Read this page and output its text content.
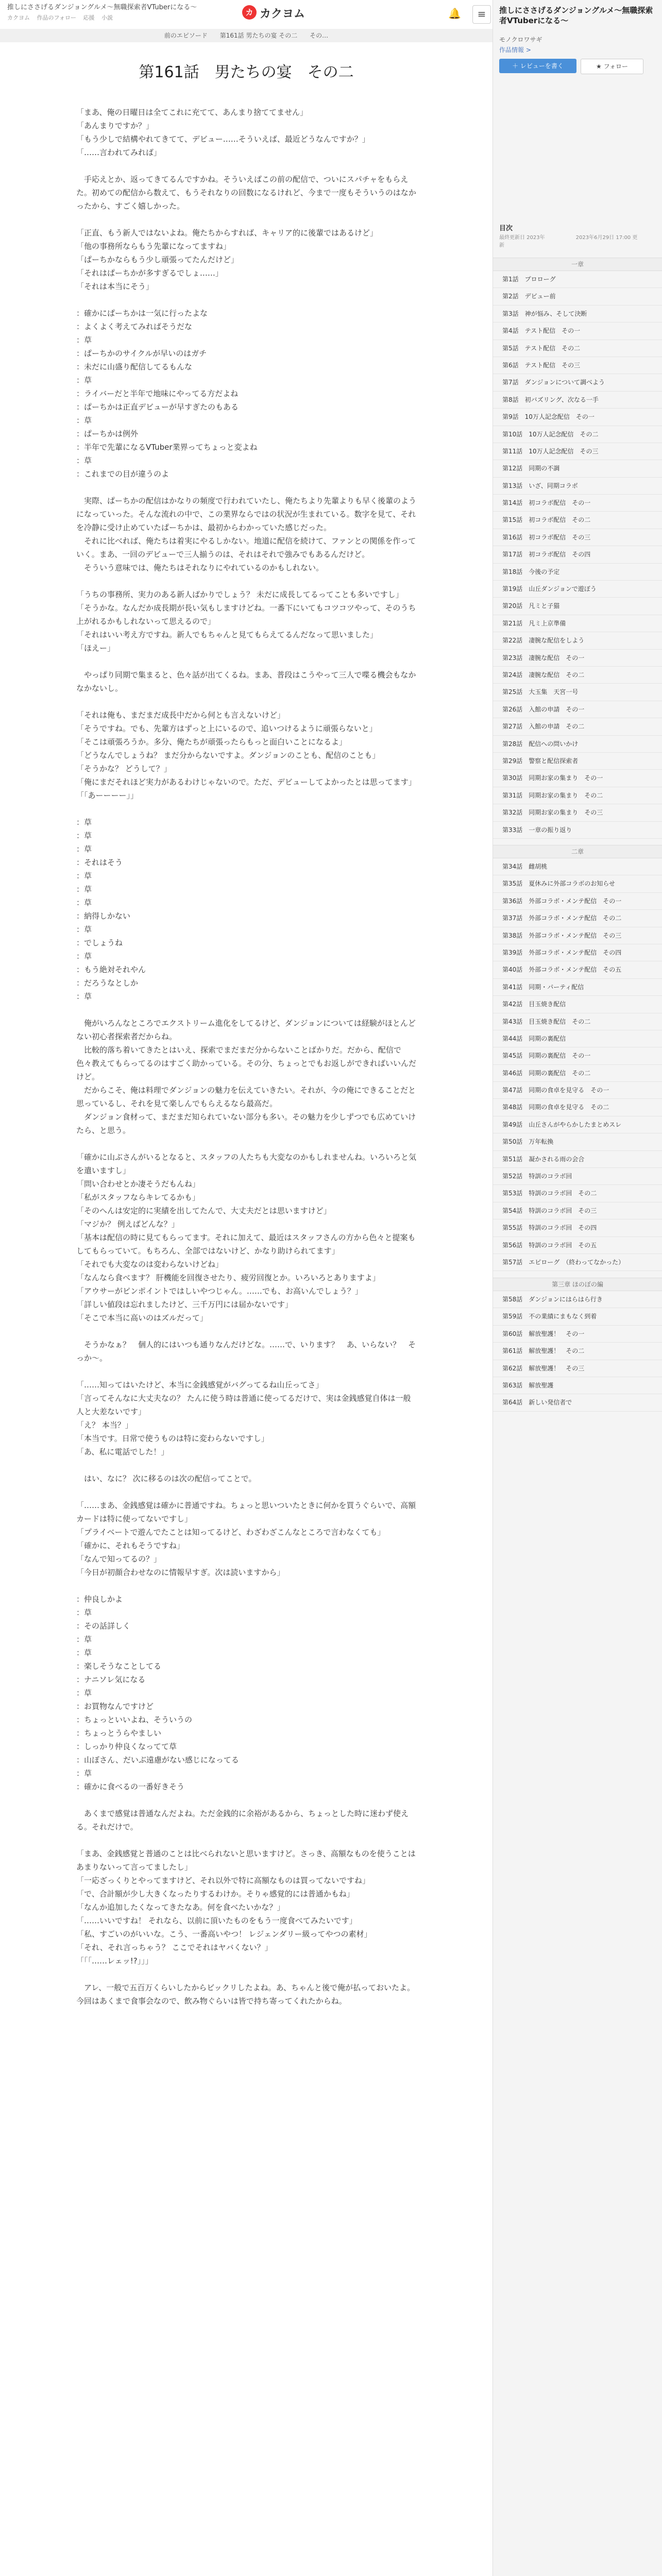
推しにささげるダンジョングルメ～無職探索者VTuberになる～
カクヨム 作品のフォロー 応援 小説
カ カクヨム	🔔	≡
前のエピソード 第161話 男たちの宴 その二 その…
第161話　男たちの宴　その二
「まあ、俺の日曜日は全てこれに充てて、あんまり捨ててません」
「あんまりですか？」
「もう少しで結構やれてきてて、デビュー……そういえば、最近どうなんですか？」
「……言われてみれば」

　手応えとか、返ってきてるんですかね。そういえばこの前の配信で、ついにスパチャをもらえた。初めての配信から数えて、もうそれなりの回数になるけれど、今まで一度もそういうのはなかったから、すごく嬉しかった。

「正直、もう新人ではないよね。俺たちからすれば、キャリア的に後輩ではあるけど」
「他の事務所ならもう先輩になってますね」
「ぱーちかならもう少し頑張ってたんだけど」
「それはぱーちかが多すぎるでしょ……」
「それは本当にそう」

：確かにぱーちかは一気に行ったよな
：よくよく考えてみればそうだな
：草
：ぱーちかのサイクルが早いのはガチ
：未だに山盛り配信してるもんな
：草
：ライバーだと半年で地味にやってる方だよね
：ぱーちかは正直デビューが早すぎたのもある
：草
：ぱーちかは例外
：半年で先輩になるVTuber業界ってちょっと変よね
：草
：これまでの目が違うのよ

　実際、ぱーちかの配信はかなりの頻度で行われていたし、俺たちより先輩よりも早く後輩のようになっていった。そんな流れの中で、この業界ならではの状況が生まれている。数字を見て、それを冷静に受け止めていたぱーちかは、最初からわかっていた感じだった。
　それに比べれば、俺たちは着実にやるしかない。地道に配信を続けて、ファンとの関係を作っていく。まあ、一回のデビューで三人揃うのは、それはそれで強みでもあるんだけど。
　そういう意味では、俺たちはそれなりにやれているのかもしれない。

「うちの事務所、実力のある新人ばかりでしょう？ 未だに成長してるってことも多いですし」
「そうかな。なんだか成長期が長い気もしますけどね。一番下にいてもコツコツやって、そのうち上がれるかもしれないって思えるので」
「それはいい考え方ですね。新人でもちゃんと見てもらえてるんだなって思いました」
「ほえー」

　やっぱり同期で集まると、色々話が出てくるね。まあ、普段はこうやって三人で喋る機会もなかなかないし。

「それは俺も、まだまだ成長中だから何とも言えないけど」
「そうですね。でも、先輩方はずっと上にいるので、追いつけるように頑張らないと」
「そこは頑張ろうか。多分、俺たちが頑張ったらもっと面白いことになるよ」
「どうなんでしょうね？ まだ分からないですよ。ダンジョンのことも、配信のことも」
「そうかな？ どうして？」
「俺にまだそれほど実力があるわけじゃないので。ただ、デビューしてよかったとは思ってます」
「「あーーーー」」

：草
：草
：草
：それはそう
：草
：草
：草
：納得しかない
：草
：でしょうね
：草
：もう絶対それやん
：だろうなとしか
：草

　俺がいろんなところでエクストリーム進化をしてるけど、ダンジョンについては経験がほとんどない初心者探索者だからね。
　比較的落ち着いてきたとはいえ、探索でまだまだ分からないことばかりだ。だから、配信で色々教えてもらってるのはすごく助かっている。その分、ちょっとでもお返しができればいいんだけど。
　だからこそ、俺は料理でダンジョンの魅力を伝えていきたい。それが、今の俺にできることだと思っているし、それを見て楽しんでもらえるなら最高だ。
　ダンジョン食材って、まだまだ知られていない部分も多い。その魅力を少しずつでも広めていけたら、と思う。

「確かに山ぶさんがいるとなると、スタッフの人たちも大変なのかもしれませんね。いろいろと気を遣いますし」
「問い合わせとか凄そうだもんね」
「私がスタッフならキレてるかも」
「そのへんは安定的に実績を出してたんで、大丈夫だとは思いますけど」
「マジか？ 例えばどんな？」
「基本は配信の時に見てもらってます。それに加えて、最近はスタッフさんの方から色々と提案もしてもらっていて。もちろん、全部ではないけど、かなり助けられてます」
「それでも大変なのは変わらないけどね」
「なんなら食べます？ 肝機能を回復させたり、疲労回復とか。いろいろとありますよ」
「アウサーがピンポイントではしいやつじゃん。……でも、お高いんでしょう？」
「詳しい値段は忘れましたけど、三千万円には届かないです」
「そこで本当に高いのはズルだって」

　そうかなぁ？　個人的にはいつも通りなんだけどな。……で、いります？　あ、いらない？　そっか～。

「……知ってはいたけど、本当に金銭感覚がバグってるね山丘ってさ」
「言ってそんなに大丈夫なの？ たんに使う時は普通に使ってるだけで、実は金銭感覚自体は一般人と大差ないです」
「え？ 本当？」
「本当です。日常で使うものは特に変わらないですし」
「あ、私に電話でした！」

　はい、なに？ 次に移るのは次の配信ってことで。

「……まあ、金銭感覚は確かに普通ですね。ちょっと思いついたときに何かを買うぐらいで、高額カードは特に使ってないですし」
「プライベートで遊んでたことは知ってるけど、わざわざこんなところで言わなくても」
「確かに、それもそうですね」
「なんで知ってるの？」
「今日が初顔合わせなのに情報早すぎ。次は読いますから」

：仲良しかよ
：草
：その話詳しく
：草
：草
：楽しそうなことしてる
：ナニソレ気になる
：草
：お買物なんですけど
：ちょっといいよね、そういうの
：ちょっとうらやましい
：しっかり仲良くなってて草
：山ぼさん、だいぶ遠慮がない感じになってる
：草
：確かに食べるの一番好きそう

　あくまで感覚は普通なんだよね。ただ金銭的に余裕があるから、ちょっとした時に迷わず使える。それだけで。

「まあ、金銭感覚と普通のことは比べられないと思いますけど。さっき、高額なものを使うことはあまりないって言ってましたし」
「一応ざっくりとやってますけど、それ以外で特に高額なものは買ってないですね」
「で、合計額が少し大きくなったりするわけか。そりゃ感覚的には普通かもね」
「なんか追加したくなってきたなあ。何を食べたいかな？」
「……いいですね！ それなら、以前に頂いたものをもう一度食べてみたいです」
「私、すごいのがいいな。こう、一番高いやつ！ レジェンダリー級ってやつの素材」
「それ、それ言っちゃう？ ここでそれはヤバくない？」
「「「……レェッ!?」」」

　アレ、一般で五百万くらいしたからビックリしたよね。あ、ちゃんと後で俺が払っておいたよ。今回はあくまで食事会なので、飲み物ぐらいは皆で持ち寄ってくれたからね。

推しにささげるダンジョングルメ～無職探索者VTuberになる～
モノクロワサギ
作品情報 >
＋ レビューを書く	★ フォロー
目次
最終更新日 2023年	2023年6月29日 17:00 更新
一章
第1話　プロローグ
第2話　デビュー前
第3話　神が悩み、そして決断
第4話　テスト配信　その一
第5話　テスト配信　その二
第6話　テスト配信　その三
第7話　ダンジョンについて調べよう
第8話　初バズリング、次なる一手
第9話　10万人記念配信　その一
第10話　10万人記念配信　その二
第11話　10万人記念配信　その三
第12話　同期の不調
第13話　いざ、同期コラボ
第14話　初コラボ配信　その一
第15話　初コラボ配信　その二
第16話　初コラボ配信　その三
第17話　初コラボ配信　その四
第18話　今後の予定
第19話　山丘ダンジョンで遊ぼう
第20話　凡ミと子猫
第21話　凡ミ上京準備
第22話　凄腕な配信をしよう
第23話　凄腕な配信　その一
第24話　凄腕な配信　その二
第25話　大玉集　天宮一号
第26話　入館の申請　その一
第27話　入館の申請　その二
第28話　配信への問いかけ
第29話　警察と配信探索者
第30話　同期お家の集まり　その一
第31話　同期お家の集まり　その二
第32話　同期お家の集まり　その三
第33話　一章の振り返り
二章
第34話　雌胡桃
第35話　夏休みに外部コラボのお知らせ
第36話　外部コラボ・メンテ配信　その一
第37話　外部コラボ・メンテ配信　その二
第38話　外部コラボ・メンテ配信　その三
第39話　外部コラボ・メンテ配信　その四
第40話　外部コラボ・メンテ配信　その五
第41話　同期・パーティ配信
第42話　目玉焼き配信
第43話　目玉焼き配信　その二
第44話　同期の裏配信
第45話　同期の裏配信　その一
第46話　同期の裏配信　その二
第47話　同期の食卓を見守る　その一
第48話　同期の食卓を見守る　その二
第49話　山丘さんがやらかしたまとめスレ
第50話　万年転換
第51話　凝かされる雨の会合
第52話　特訓のコラボ回
第53話　特訓のコラボ回　その二
第54話　特訓のコラボ回　その三
第55話　特訓のコラボ回　その四
第56話　特訓のコラボ回　その五
第57話　エピローグ　（終わってなかった）
第三章 ほのぼの編
第58話　ダンジョンにはらはら行き
第59話　不の業績にまもなく到着
第60話　解放聖護！　その一
第61話　解放聖護！　その二
第62話　解放聖護！　その三
第63話　解放聖護
第64話　新しい発信者で
